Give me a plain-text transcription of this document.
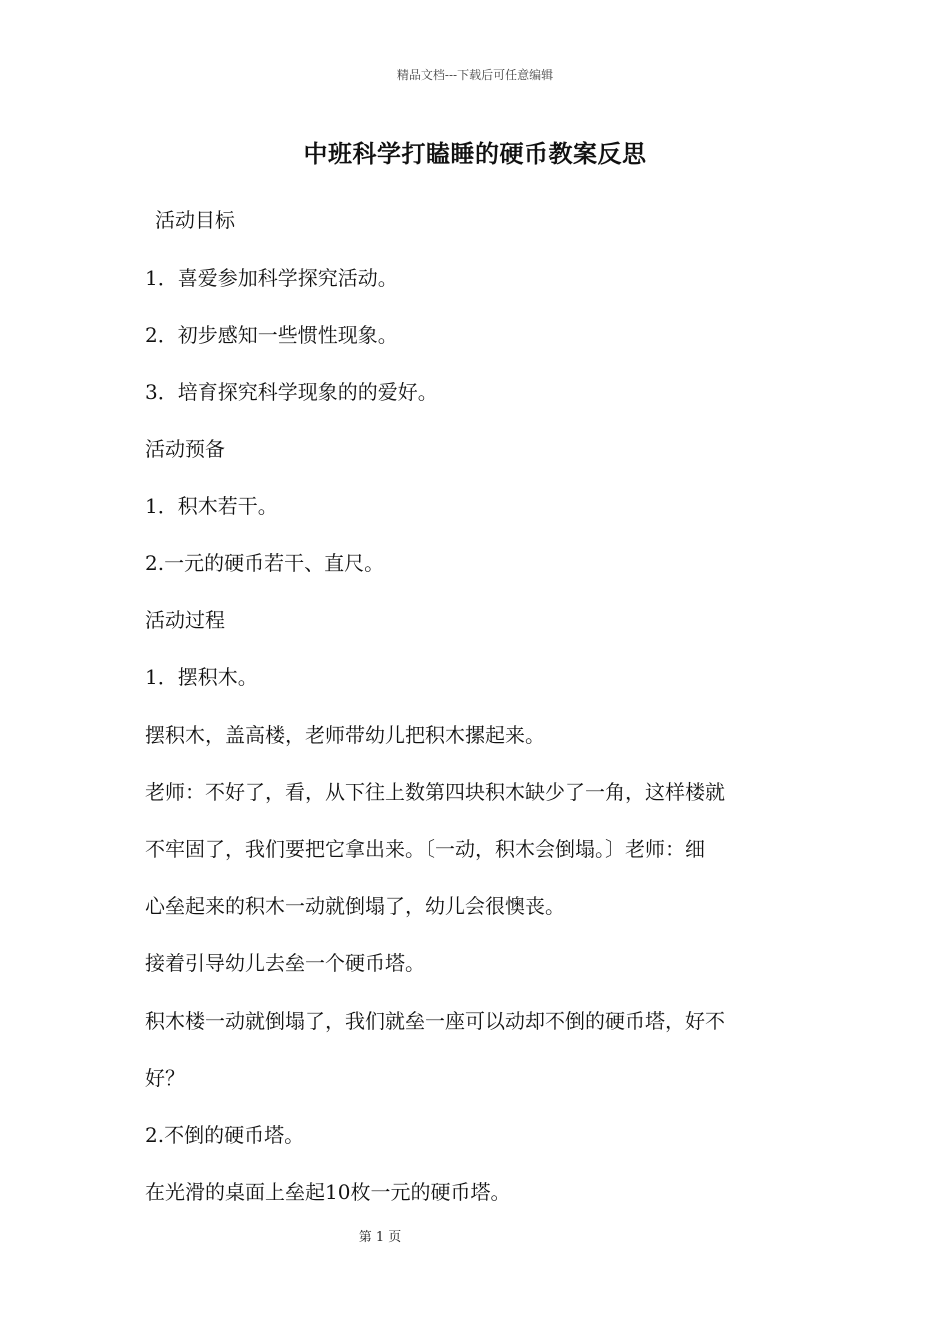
精品文档---下载后可任意编辑
中班科学打瞌睡的硬币教案反思
活动目标
1．喜爱参加科学探究活动。
2．初步感知一些惯性现象。
3．培育探究科学现象的的爱好。
活动预备
1．积木若干。
2.一元的硬币若干、直尺。
活动过程
1．摆积木。
摆积木，盖高楼，老师带幼儿把积木摞起来。
老师：不好了，看，从下往上数第四块积木缺少了一角，这样楼就
不牢固了，我们要把它拿出来。〔一动，积木会倒塌。〕老师：细
心垒起来的积木一动就倒塌了，幼儿会很懊丧。
接着引导幼儿去垒一个硬币塔。
积木楼一动就倒塌了，我们就垒一座可以动却不倒的硬币塔，好不
好？
2.不倒的硬币塔。
在光滑的桌面上垒起10枚一元的硬币塔。
第 1 页
